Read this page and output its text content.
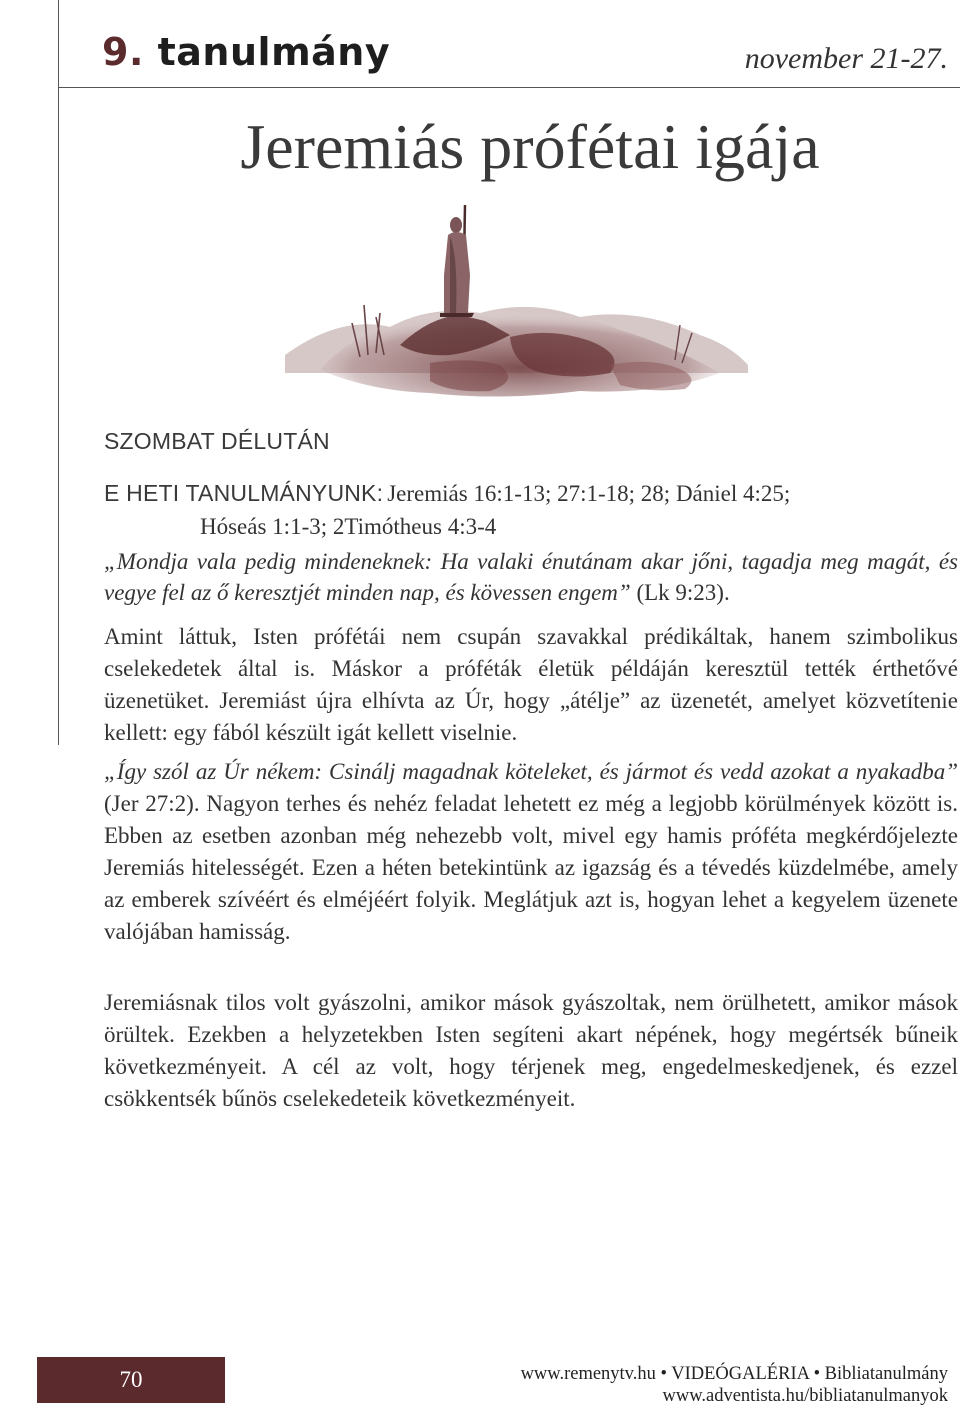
9. tanulmány	november 21-27.
Jeremiás prófétai igája
SZOMBAT DÉLUTÁN
E HETI TANULMÁNYUNK: Jeremiás 16:1-13; 27:1-18; 28; Dániel 4:25;
Hóseás 1:1-3; 2Timótheus 4:3-4
„Mondja vala pedig mindeneknek: Ha valaki énutánam akar jőni, tagadja meg magát, és vegye fel az ő keresztjét minden nap, és kövessen engem” (Lk 9:23).
Amint láttuk, Isten prófétái nem csupán szavakkal prédikáltak, hanem szimbolikus cselekedetek által is. Máskor a próféták életük példáján keresztül tették érthetővé üzenetüket. Jeremiást újra elhívta az Úr, hogy „átélje” az üzenetét, amelyet közvetítenie kellett: egy fából készült igát kellett viselnie.
„Így szól az Úr nékem: Csinálj magadnak köteleket, és jármot és vedd azokat a nyakadba” (Jer 27:2). Nagyon terhes és nehéz feladat lehetett ez még a legjobb körülmények között is. Ebben az esetben azonban még nehezebb volt, mivel egy hamis próféta megkérdőjelezte Jeremiás hitelességét. Ezen a héten betekintünk az igazság és a tévedés küzdelmébe, amely az emberek szívéért és elméjéért folyik. Meglátjuk azt is, hogyan lehet a kegyelem üzenete valójában hamisság.
Jeremiásnak tilos volt gyászolni, amikor mások gyászoltak, nem örülhetett, amikor mások örültek. Ezekben a helyzetekben Isten segíteni akart népének, hogy megértsék bűneik következményeit. A cél az volt, hogy térjenek meg, engedelmeskedjenek, és ezzel csökkentsék bűnös cselekedeteik következményeit.
70	www.remenytv.hu • VIDEÓGALÉRIA • Bibliatanulmány
www.adventista.hu/bibliatanulmanyok
